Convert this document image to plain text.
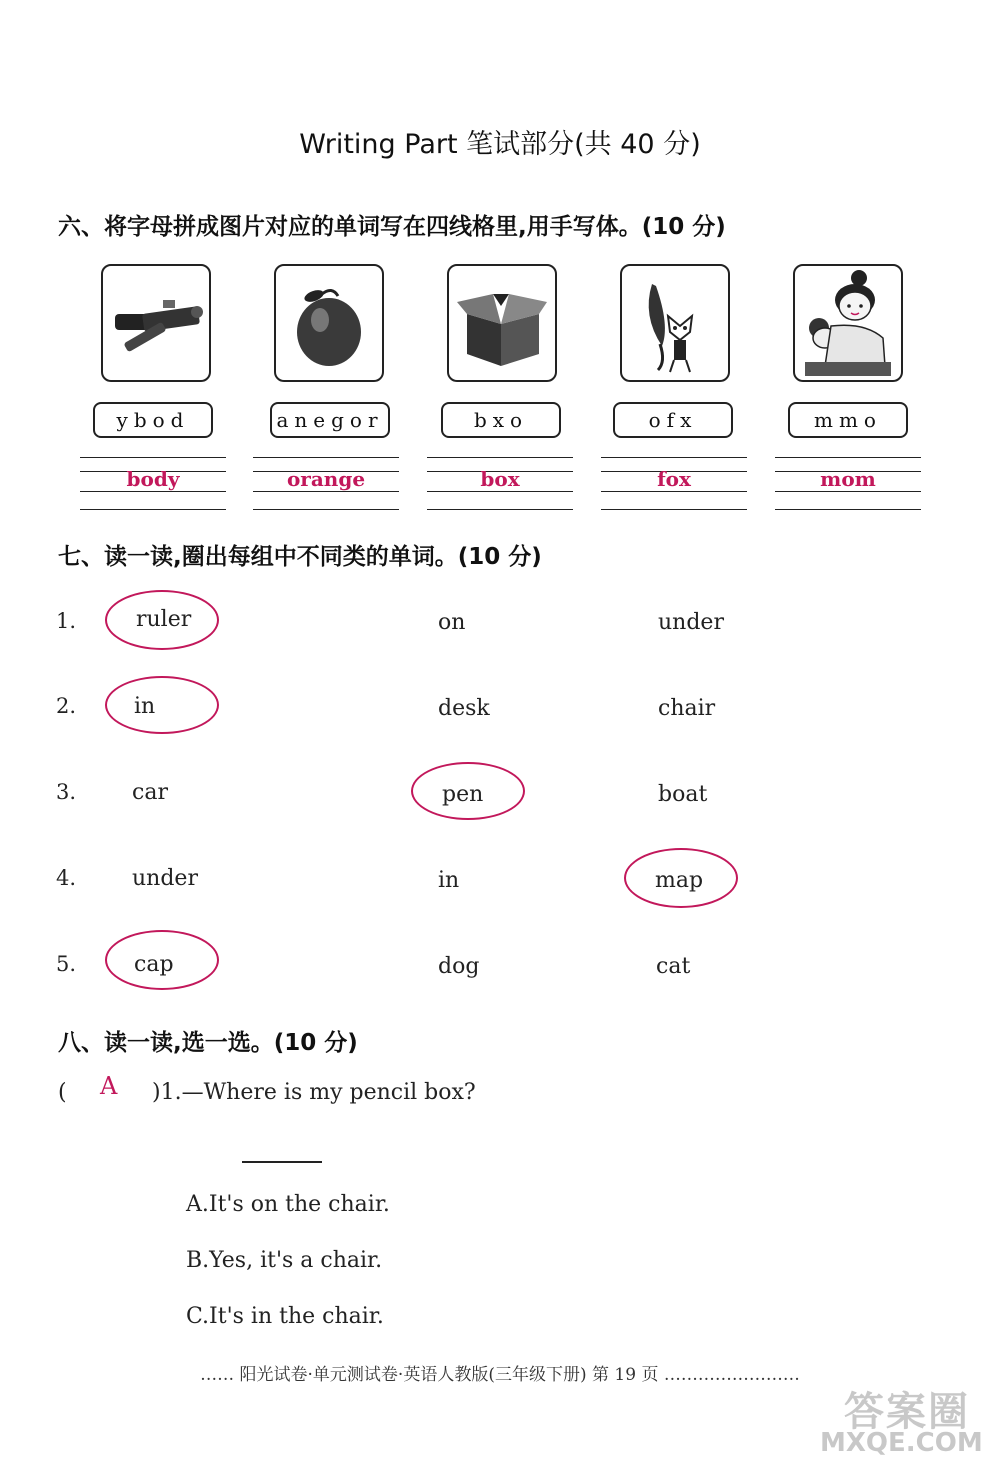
Writing Part 笔试部分(共 40 分)
六、将字母拼成图片对应的单词写在四线格里,用手写体。(10 分)
ybod	anegor	bxo	ofx	mmo
body	orange	box	fox	mom
七、读一读,圈出每组中不同类的单词。(10 分)
1.	ruler	on	under
2.	in	desk	chair
3.	car	pen	boat
4.	under	in	map
5.	cap	dog	cat
八、读一读,选一选。(10 分)
( A )1.—Where is my pencil box?
A.It's on the chair.
B.Yes, it's a chair.
C.It's in the chair.
…… 阳光试卷·单元测试卷·英语人教版(三年级下册) 第 19 页 ……………………
答案圈
MXQE.COM
